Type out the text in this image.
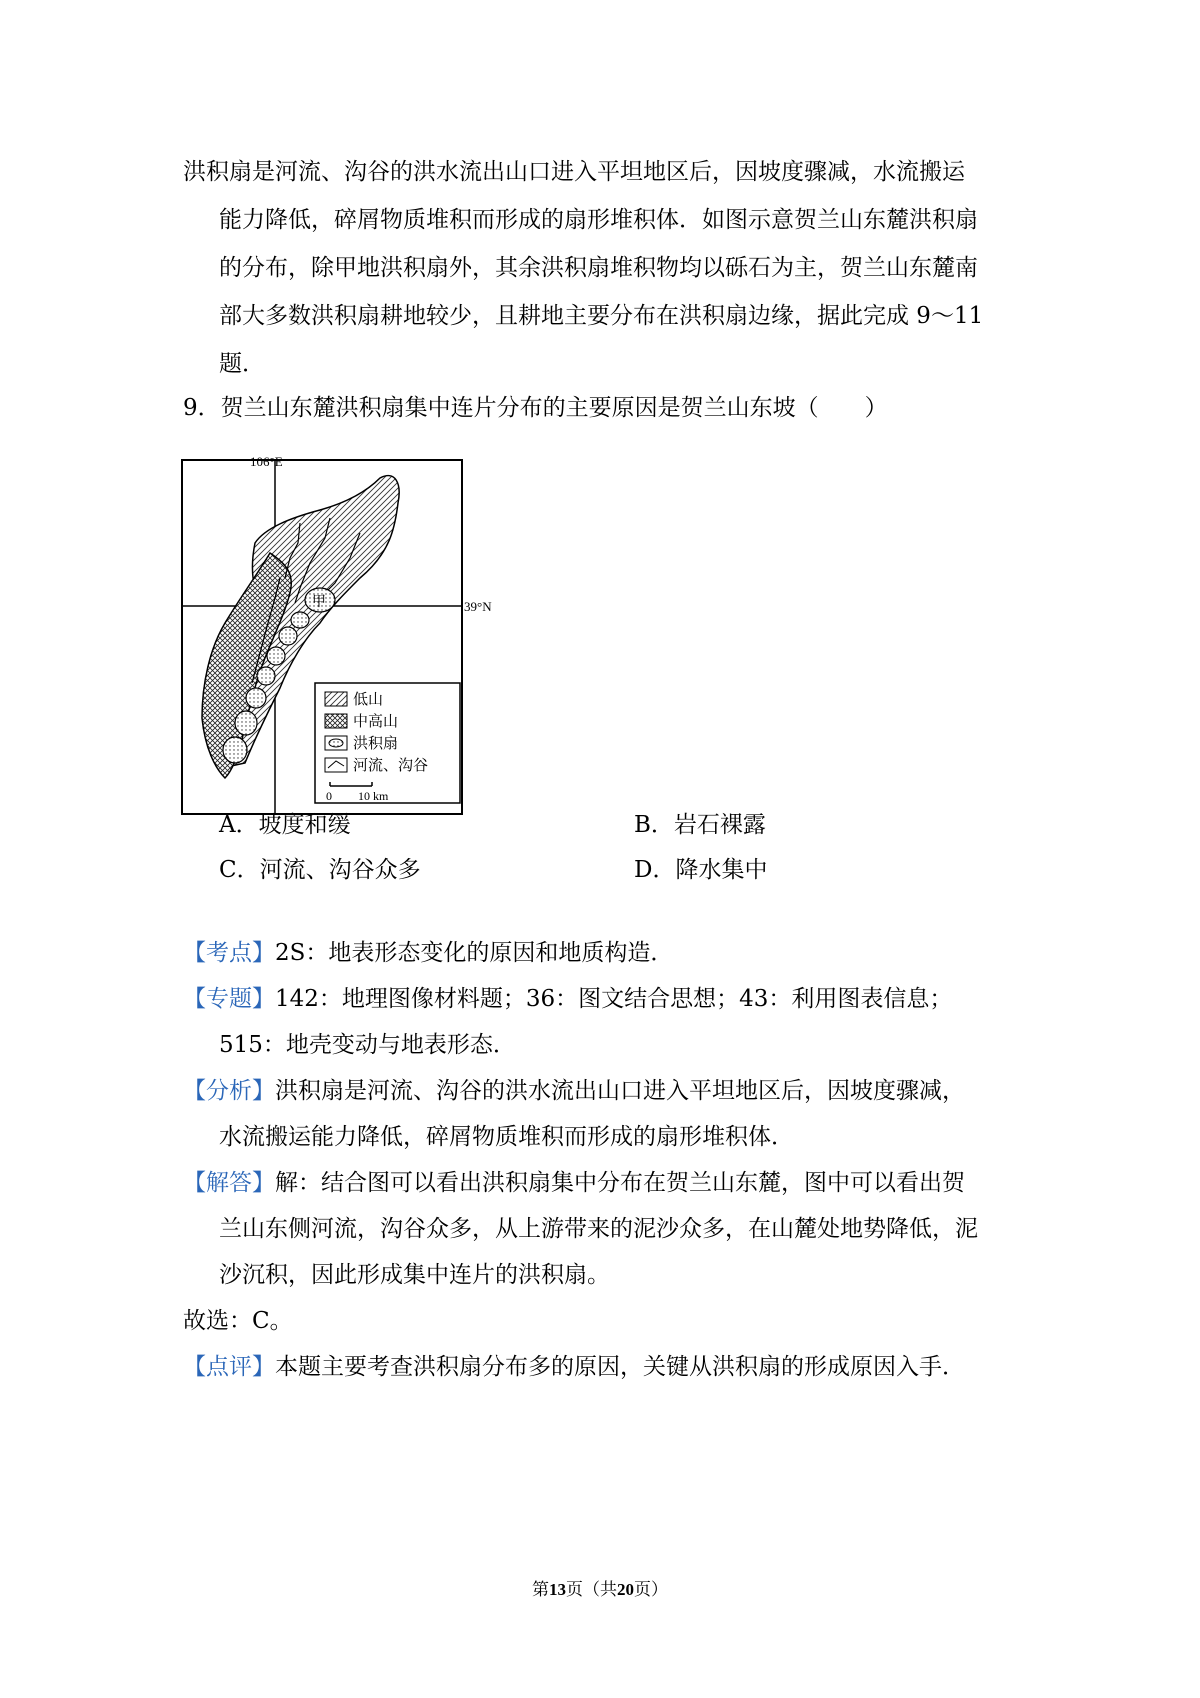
洪积扇是河流、沟谷的洪水流出山口进入平坦地区后，因坡度骤减，水流搬运
能力降低，碎屑物质堆积而形成的扇形堆积体．如图示意贺兰山东麓洪积扇
的分布，除甲地洪积扇外，其余洪积扇堆积物均以砾石为主，贺兰山东麓南
部大多数洪积扇耕地较少，且耕地主要分布在洪积扇边缘，据此完成 9～11
题．
9．贺兰山东麓洪积扇集中连片分布的主要原因是贺兰山东坡（　　）
106°E
39°N
甲
低山
中高山
洪积扇
河流、沟谷
0 10 km
A．坡度和缓	B．岩石裸露
C．河流、沟谷众多	D．降水集中
【考点】2S：地表形态变化的原因和地质构造．
【专题】142：地理图像材料题；36：图文结合思想；43：利用图表信息；
515：地壳变动与地表形态．
【分析】洪积扇是河流、沟谷的洪水流出山口进入平坦地区后，因坡度骤减，
水流搬运能力降低，碎屑物质堆积而形成的扇形堆积体．
【解答】解：结合图可以看出洪积扇集中分布在贺兰山东麓，图中可以看出贺
兰山东侧河流，沟谷众多，从上游带来的泥沙众多，在山麓处地势降低，泥
沙沉积，因此形成集中连片的洪积扇。
故选：C。
【点评】本题主要考查洪积扇分布多的原因，关键从洪积扇的形成原因入手．
第13页（共20页）
